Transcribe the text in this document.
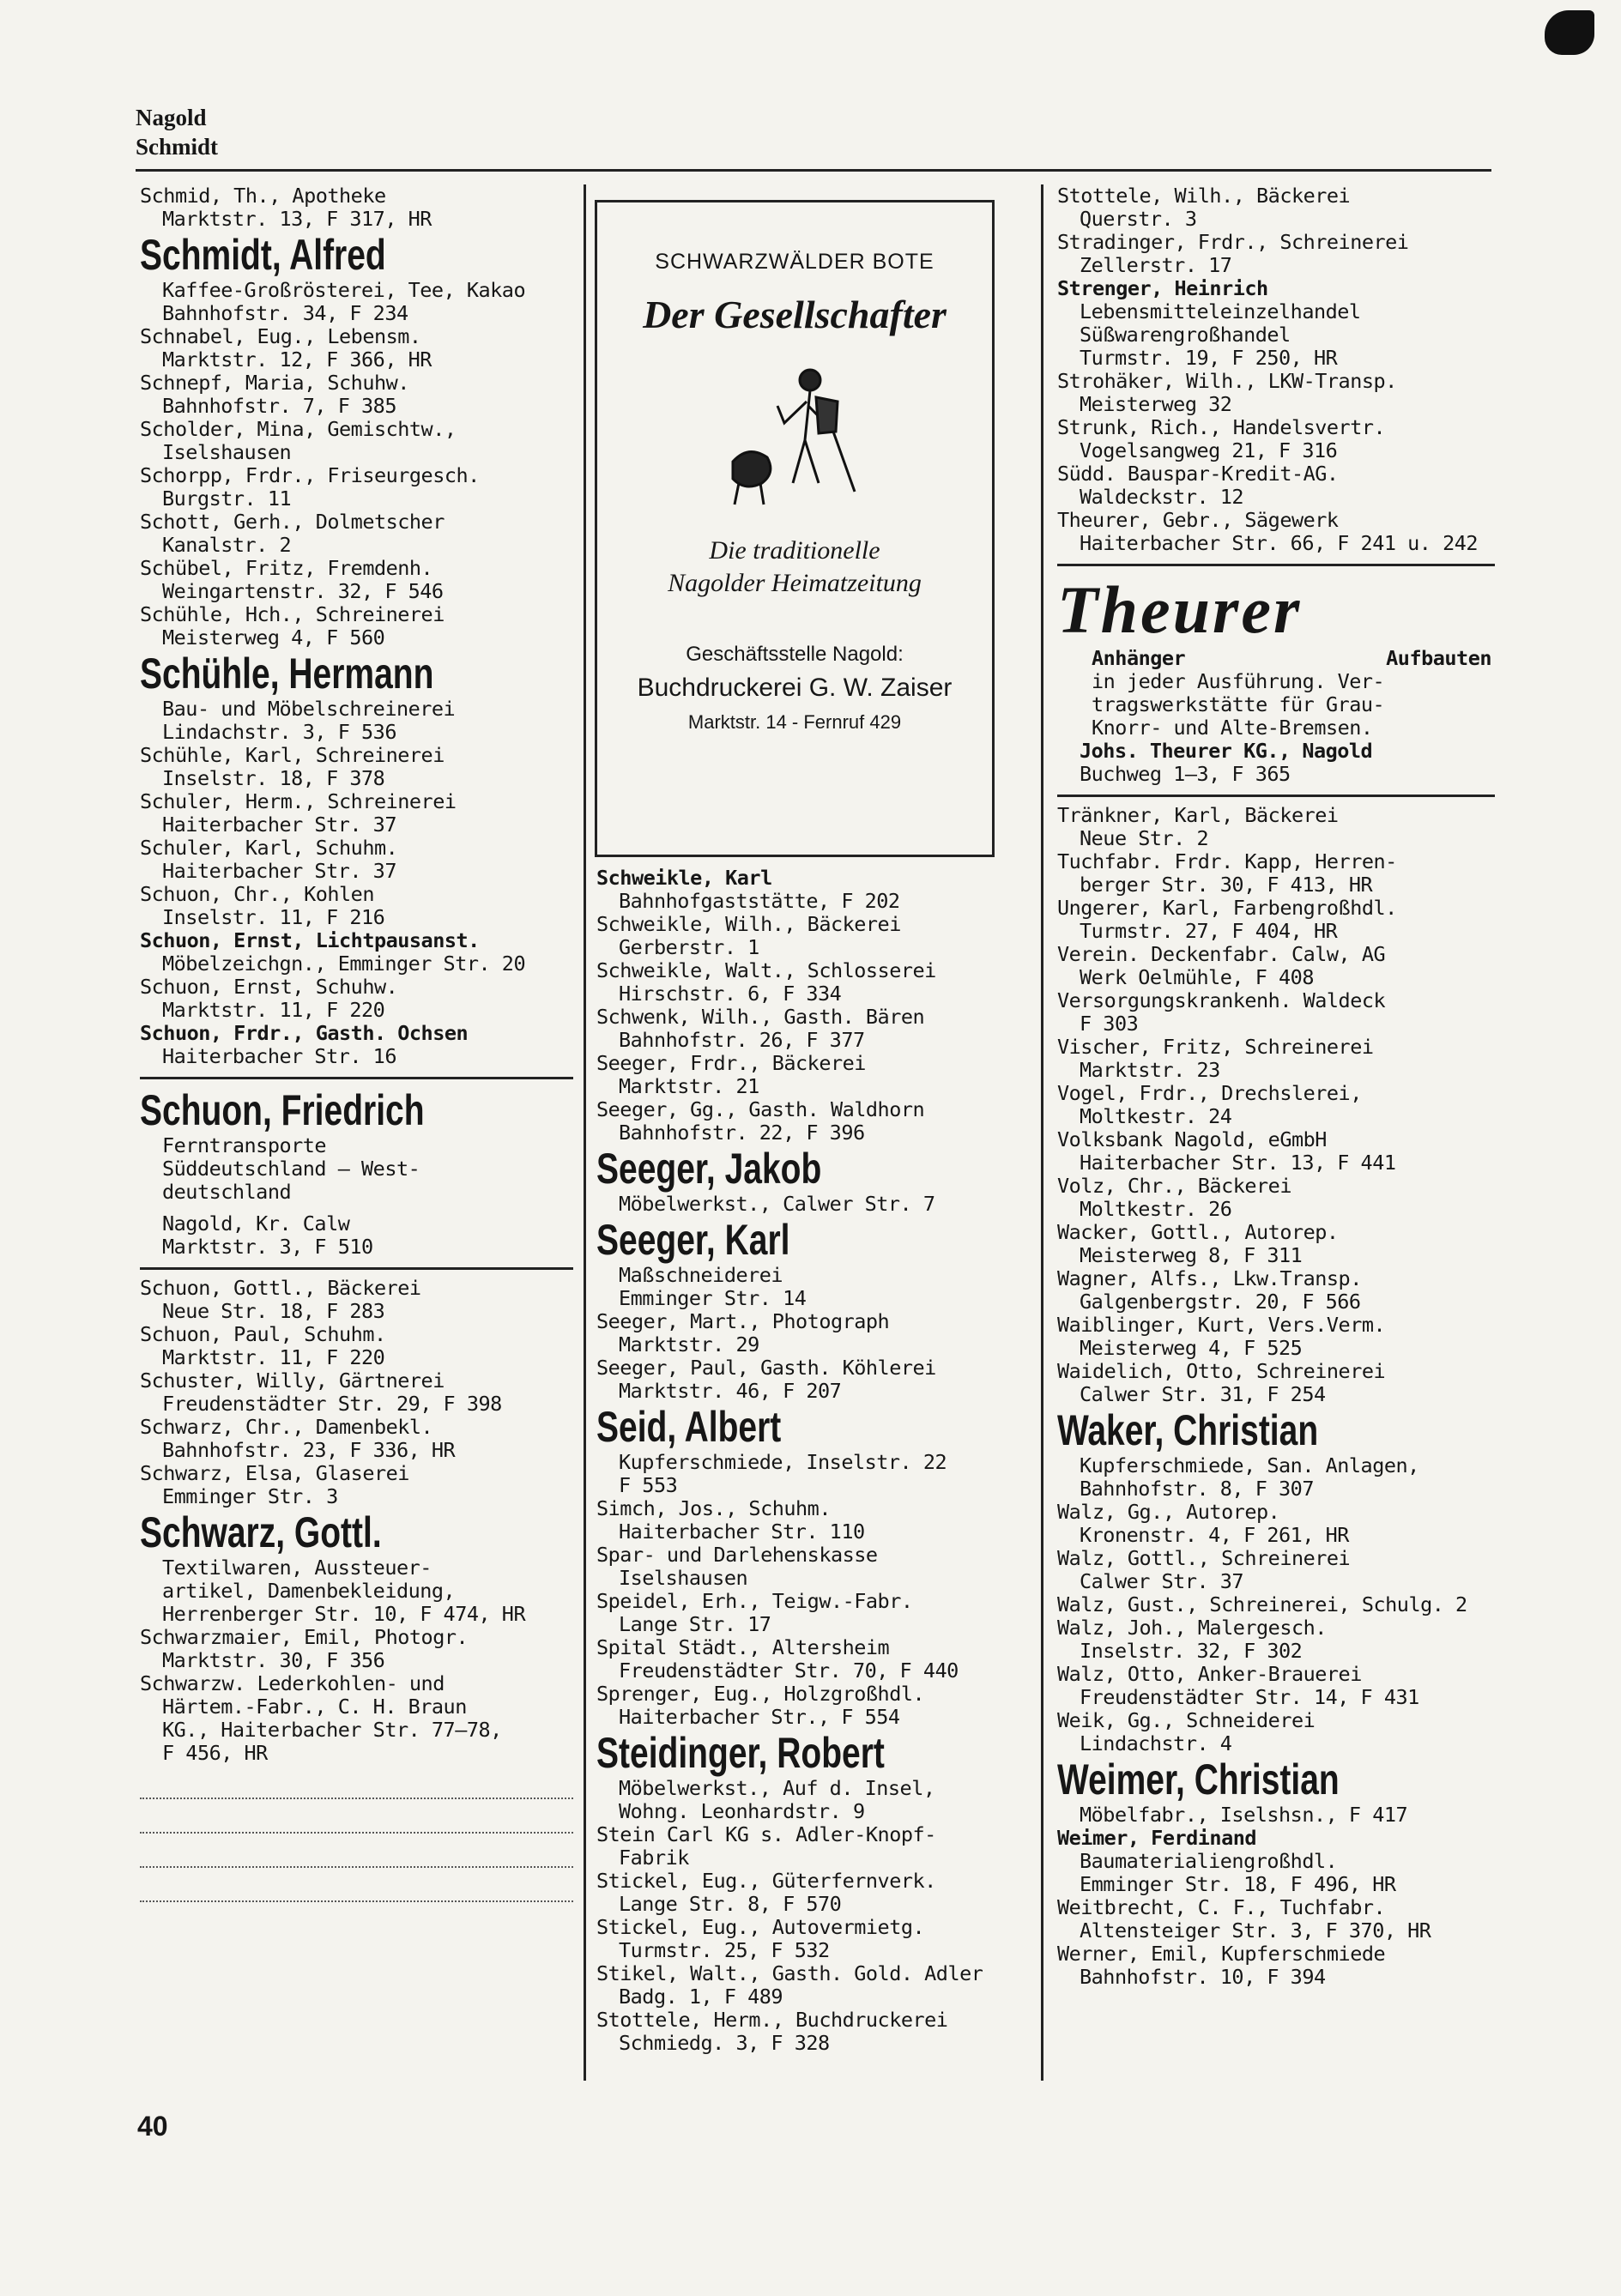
Nagold
Schmidt
Schmid, Th., Apotheke
Marktstr. 13, F 317, HR
Schmidt, Alfred
Kaffee-Großrösterei, Tee, Kakao
Bahnhofstr. 34, F 234
Schnabel, Eug., Lebensm.
Marktstr. 12, F 366, HR
Schnepf, Maria, Schuhw.
Bahnhofstr. 7, F 385
Scholder, Mina, Gemischtw.,
Iselshausen
Schorpp, Frdr., Friseurgesch.
Burgstr. 11
Schott, Gerh., Dolmetscher
Kanalstr. 2
Schübel, Fritz, Fremdenh.
Weingartenstr. 32, F 546
Schühle, Hch., Schreinerei
Meisterweg 4, F 560
Schühle, Hermann
Bau- und Möbelschreinerei
Lindachstr. 3, F 536
Schühle, Karl, Schreinerei
Inselstr. 18, F 378
Schuler, Herm., Schreinerei
Haiterbacher Str. 37
Schuler, Karl, Schuhm.
Haiterbacher Str. 37
Schuon, Chr., Kohlen
Inselstr. 11, F 216
Schuon, Ernst, Lichtpausanst.
Möbelzeichgn., Emminger Str. 20
Schuon, Ernst, Schuhw.
Marktstr. 11, F 220
Schuon, Frdr., Gasth. Ochsen
Haiterbacher Str. 16
Schuon, Friedrich
Ferntransporte
Süddeutschland — West-
deutschland
Nagold, Kr. Calw
Marktstr. 3, F 510
Schuon, Gottl., Bäckerei
Neue Str. 18, F 283
Schuon, Paul, Schuhm.
Marktstr. 11, F 220
Schuster, Willy, Gärtnerei
Freudenstädter Str. 29, F 398
Schwarz, Chr., Damenbekl.
Bahnhofstr. 23, F 336, HR
Schwarz, Elsa, Glaserei
Emminger Str. 3
Schwarz, Gottl.
Textilwaren, Aussteuer-
artikel, Damenbekleidung,
Herrenberger Str. 10, F 474, HR
Schwarzmaier, Emil, Photogr.
Marktstr. 30, F 356
Schwarzw. Lederkohlen- und
Härtem.-Fabr., C. H. Braun
KG., Haiterbacher Str. 77—78,
F 456, HR
SCHWARZWÄLDER BOTE
Der Gesellschafter
Die traditionelle
Nagolder Heimatzeitung
Geschäftsstelle Nagold:
Buchdruckerei G. W. Zaiser
Marktstr. 14 - Fernruf 429
Schweikle, Karl
Bahnhofgaststätte, F 202
Schweikle, Wilh., Bäckerei
Gerberstr. 1
Schweikle, Walt., Schlosserei
Hirschstr. 6, F 334
Schwenk, Wilh., Gasth. Bären
Bahnhofstr. 26, F 377
Seeger, Frdr., Bäckerei
Marktstr. 21
Seeger, Gg., Gasth. Waldhorn
Bahnhofstr. 22, F 396
Seeger, Jakob
Möbelwerkst., Calwer Str. 7
Seeger, Karl
Maßschneiderei
Emminger Str. 14
Seeger, Mart., Photograph
Marktstr. 29
Seeger, Paul, Gasth. Köhlerei
Marktstr. 46, F 207
Seid, Albert
Kupferschmiede, Inselstr. 22
F 553
Simch, Jos., Schuhm.
Haiterbacher Str. 110
Spar- und Darlehenskasse
Iselshausen
Speidel, Erh., Teigw.-Fabr.
Lange Str. 17
Spital Städt., Altersheim
Freudenstädter Str. 70, F 440
Sprenger, Eug., Holzgroßhdl.
Haiterbacher Str., F 554
Steidinger, Robert
Möbelwerkst., Auf d. Insel,
Wohng. Leonhardstr. 9
Stein Carl KG s. Adler-Knopf-
Fabrik
Stickel, Eug., Güterfernverk.
Lange Str. 8, F 570
Stickel, Eug., Autovermietg.
Turmstr. 25, F 532
Stikel, Walt., Gasth. Gold. Adler
Badg. 1, F 489
Stottele, Herm., Buchdruckerei
Schmiedg. 3, F 328
Stottele, Wilh., Bäckerei
Querstr. 3
Stradinger, Frdr., Schreinerei
Zellerstr. 17
Strenger, Heinrich
Lebensmitteleinzelhandel
Süßwarengroßhandel
Turmstr. 19, F 250, HR
Strohäker, Wilh., LKW-Transp.
Meisterweg 32
Strunk, Rich., Handelsvertr.
Vogelsangweg 21, F 316
Südd. Bauspar-Kredit-AG.
Waldeckstr. 12
Theurer, Gebr., Sägewerk
Haiterbacher Str. 66, F 241 u. 242
Theurer
Anhänger	Aufbauten
in jeder Ausführung. Ver-
tragswerkstätte für Grau-
Knorr- und Alte-Bremsen.
Johs. Theurer KG., Nagold
Buchweg 1—3, F 365
Tränkner, Karl, Bäckerei
Neue Str. 2
Tuchfabr. Frdr. Kapp, Herren-
berger Str. 30, F 413, HR
Ungerer, Karl, Farbengroßhdl.
Turmstr. 27, F 404, HR
Verein. Deckenfabr. Calw, AG
Werk Oelmühle, F 408
Versorgungskrankenh. Waldeck
F 303
Vischer, Fritz, Schreinerei
Marktstr. 23
Vogel, Frdr., Drechslerei,
Moltkestr. 24
Volksbank Nagold, eGmbH
Haiterbacher Str. 13, F 441
Volz, Chr., Bäckerei
Moltkestr. 26
Wacker, Gottl., Autorep.
Meisterweg 8, F 311
Wagner, Alfs., Lkw.Transp.
Galgenbergstr. 20, F 566
Waiblinger, Kurt, Vers.Verm.
Meisterweg 4, F 525
Waidelich, Otto, Schreinerei
Calwer Str. 31, F 254
Waker, Christian
Kupferschmiede, San. Anlagen,
Bahnhofstr. 8, F 307
Walz, Gg., Autorep.
Kronenstr. 4, F 261, HR
Walz, Gottl., Schreinerei
Calwer Str. 37
Walz, Gust., Schreinerei, Schulg. 2
Walz, Joh., Malergesch.
Inselstr. 32, F 302
Walz, Otto, Anker-Brauerei
Freudenstädter Str. 14, F 431
Weik, Gg., Schneiderei
Lindachstr. 4
Weimer, Christian
Möbelfabr., Iselshsn., F 417
Weimer, Ferdinand
Baumaterialiengroßhdl.
Emminger Str. 18, F 496, HR
Weitbrecht, C. F., Tuchfabr.
Altensteiger Str. 3, F 370, HR
Werner, Emil, Kupferschmiede
Bahnhofstr. 10, F 394
40
